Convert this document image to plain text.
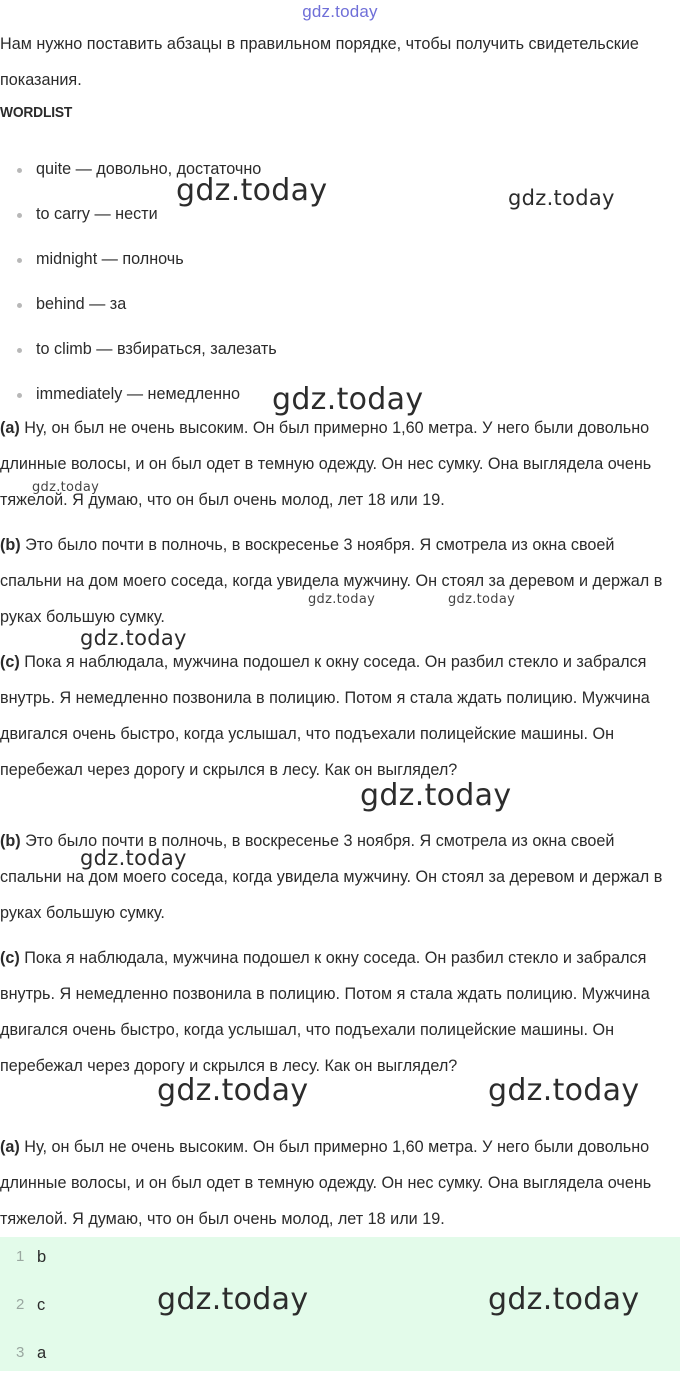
gdz.today

Нам нужно поставить абзацы в правильном порядке, чтобы получить свидетельские показания.

WORDLIST
quite — довольно, достаточно
to carry — нести
midnight — полночь
behind — за
to climb — взбираться, залезать
immediately — немедленно

(a) Ну, он был не очень высоким. Он был примерно 1,60 метра. У него были довольно длинные волосы, и он был одет в темную одежду. Он нес сумку. Она выглядела очень тяжелой. Я думаю, что он был очень молод, лет 18 или 19.

(b) Это было почти в полночь, в воскресенье 3 ноября. Я смотрела из окна своей спальни на дом моего соседа, когда увидела мужчину. Он стоял за деревом и держал в руках большую сумку.

(c) Пока я наблюдала, мужчина подошел к окну соседа. Он разбил стекло и забрался внутрь. Я немедленно позвонила в полицию. Потом я стала ждать полицию. Мужчина двигался очень быстро, когда услышал, что подъехали полицейские машины. Он перебежал через дорогу и скрылся в лесу. Как он выглядел?

(b) Это было почти в полночь, в воскресенье 3 ноября. Я смотрела из окна своей спальни на дом моего соседа, когда увидела мужчину. Он стоял за деревом и держал в руках большую сумку.

(c) Пока я наблюдала, мужчина подошел к окну соседа. Он разбил стекло и забрался внутрь. Я немедленно позвонила в полицию. Потом я стала ждать полицию. Мужчина двигался очень быстро, когда услышал, что подъехали полицейские машины. Он перебежал через дорогу и скрылся в лесу. Как он выглядел?

(a) Ну, он был не очень высоким. Он был примерно 1,60 метра. У него были довольно длинные волосы, и он был одет в темную одежду. Он нес сумку. Она выглядела очень тяжелой. Я думаю, что он был очень молод, лет 18 или 19.

1 b
2 c
3 a
gdz.today	gdz.today
gdz.today
gdz.today
gdz.today	gdz.today
gdz.today
gdz.today
gdz.today
gdz.today	gdz.today
gdz.today	gdz.today
